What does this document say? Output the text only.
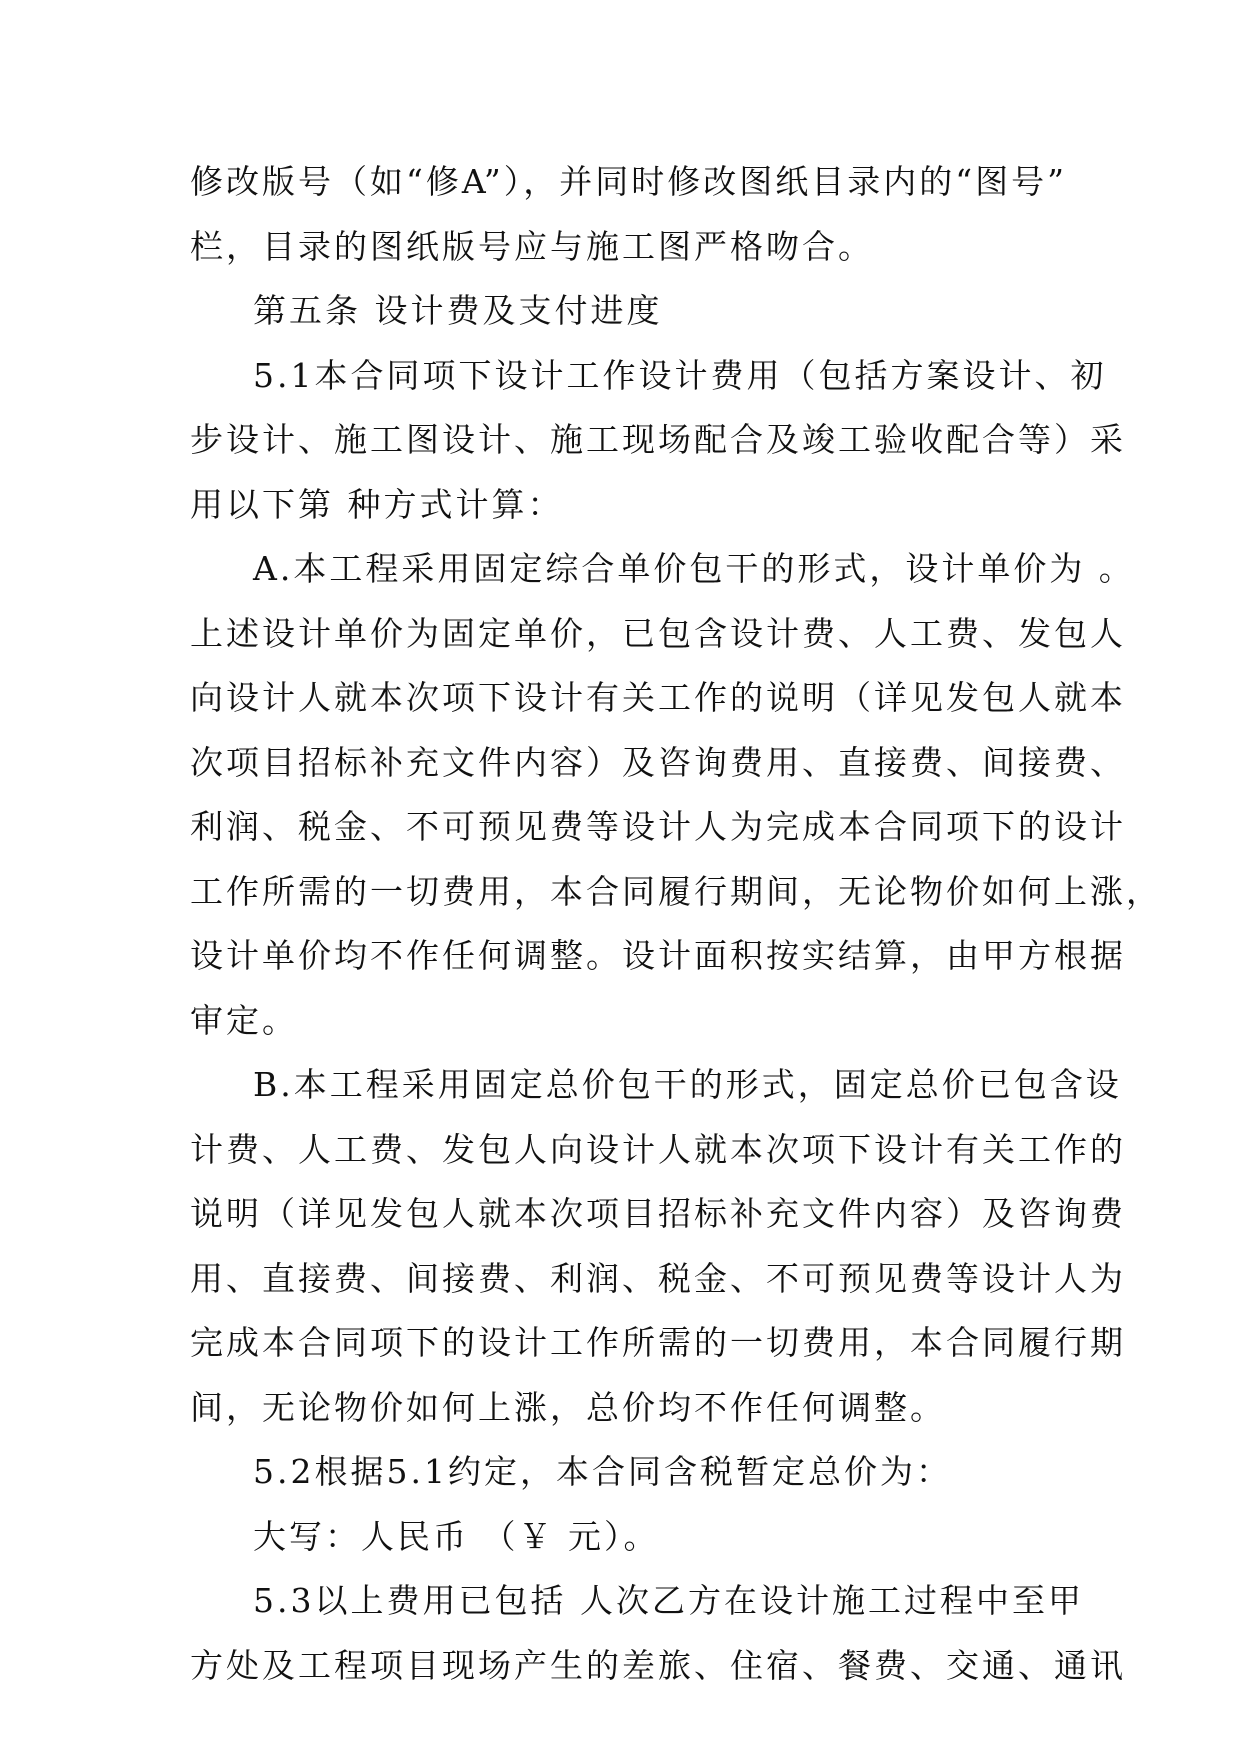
修改版号（如“修A”），并同时修改图纸目录内的“图号”
栏，目录的图纸版号应与施工图严格吻合。
第五条 设计费及支付进度
5.1本合同项下设计工作设计费用（包括方案设计、初
步设计、施工图设计、施工现场配合及竣工验收配合等）采
用以下第 种方式计算：
A.本工程采用固定综合单价包干的形式，设计单价为 。
上述设计单价为固定单价，已包含设计费、人工费、发包人
向设计人就本次项下设计有关工作的说明（详见发包人就本
次项目招标补充文件内容）及咨询费用、直接费、间接费、
利润、税金、不可预见费等设计人为完成本合同项下的设计
工作所需的一切费用，本合同履行期间，无论物价如何上涨，
设计单价均不作任何调整。设计面积按实结算，由甲方根据
审定。
B.本工程采用固定总价包干的形式，固定总价已包含设
计费、人工费、发包人向设计人就本次项下设计有关工作的
说明（详见发包人就本次项目招标补充文件内容）及咨询费
用、直接费、间接费、利润、税金、不可预见费等设计人为
完成本合同项下的设计工作所需的一切费用，本合同履行期
间，无论物价如何上涨，总价均不作任何调整。
5.2根据5.1约定，本合同含税暂定总价为：
大写：人民币 （￥ 元）。
5.3以上费用已包括 人次乙方在设计施工过程中至甲
方处及工程项目现场产生的差旅、住宿、餐费、交通、通讯
